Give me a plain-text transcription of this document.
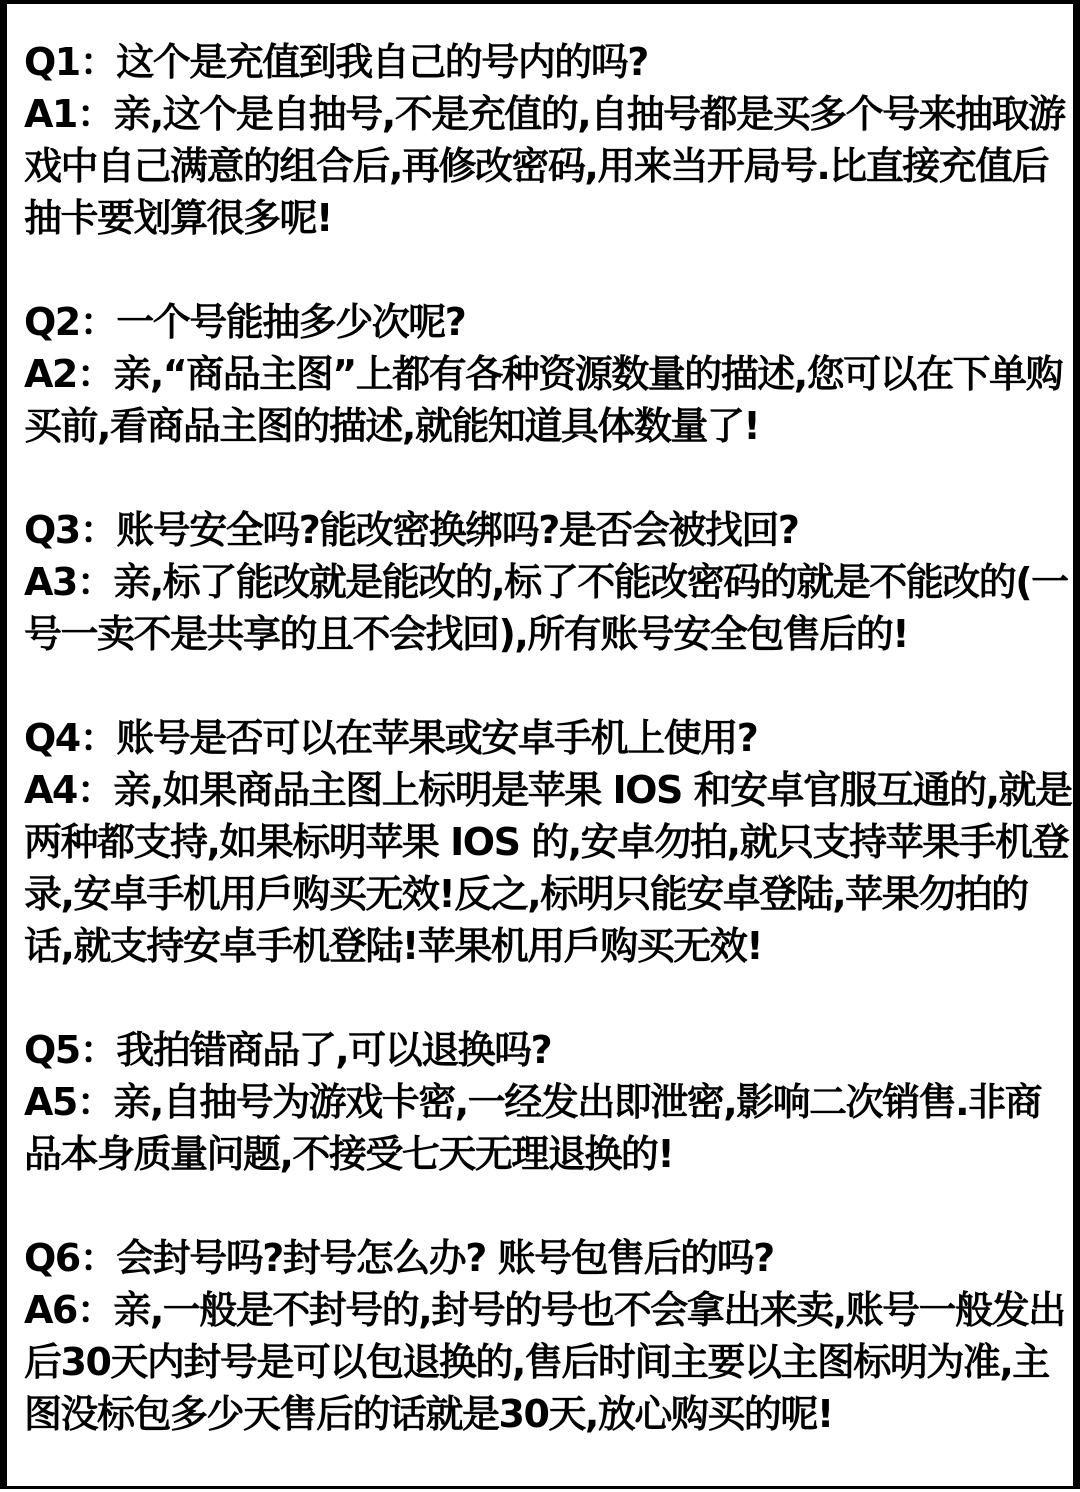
Q1：这个是充值到我自己的号内的吗?

A1：亲,这个是自抽号,不是充值的,自抽号都是买多个号来抽取游戏中自己满意的组合后,再修改密码,用来当开局号.比直接充值后抽卡要划算很多呢!

Q2：一个号能抽多少次呢?

A2：亲,“商品主图”上都有各种资源数量的描述,您可以在下单购买前,看商品主图的描述,就能知道具体数量了!

Q3：账号安全吗?能改密换绑吗?是否会被找回?

A3：亲,标了能改就是能改的,标了不能改密码的就是不能改的(一号一卖不是共享的且不会找回),所有账号安全包售后的!

Q4：账号是否可以在苹果或安卓手机上使用?

A4：亲,如果商品主图上标明是苹果 IOS 和安卓官服互通的,就是两种都支持,如果标明苹果 IOS 的,安卓勿拍,就只支持苹果手机登录,安卓手机用戶购买无效!反之,标明只能安卓登陆,苹果勿拍的话,就支持安卓手机登陆!苹果机用戶购买无效!

Q5：我拍错商品了,可以退换吗?

A5：亲,自抽号为游戏卡密,一经发出即泄密,影响二次销售.非商品本身质量问题,不接受七天无理退换的!

Q6：会封号吗?封号怎么办? 账号包售后的吗?

A6：亲,一般是不封号的,封号的号也不会拿出来卖,账号一般发出后30天内封号是可以包退换的,售后时间主要以主图标明为准,主图没标包多少天售后的话就是30天,放心购买的呢!
